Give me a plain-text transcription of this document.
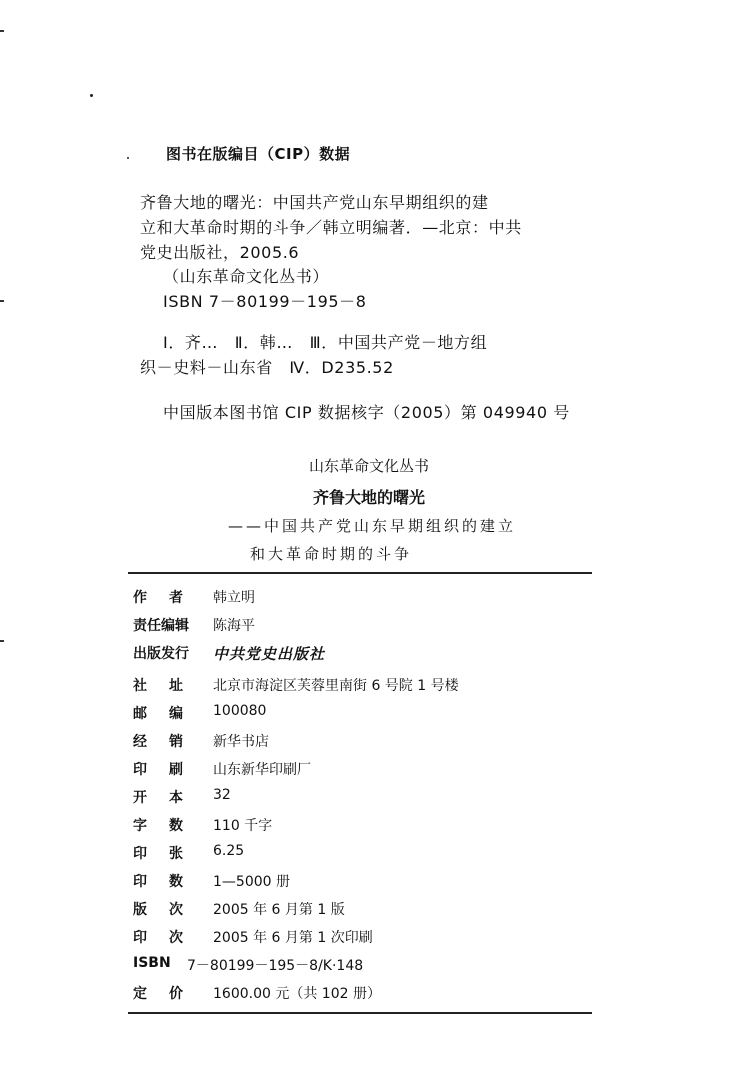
图书在版编目（CIP）数据
齐鲁大地的曙光：中国共产党山东早期组织的建
立和大革命时期的斗争／韩立明编著．—北京：中共
党史出版社，2005.6
（山东革命文化丛书）
ISBN 7－80199－195－8
Ⅰ．齐…　Ⅱ．韩…　Ⅲ．中国共产党－地方组
织－史料－山东省　Ⅳ．D235.52
中国版本图书馆 CIP 数据核字（2005）第 049940 号
山东革命文化丛书
齐鲁大地的曙光
——中国共产党山东早期组织的建立
和大革命时期的斗争
作者 韩立明
责任编辑	陈海平
出版发行	中共党史出版社
社址 北京市海淀区芙蓉里南街 6 号院 1 号楼
邮编 100080
经销 新华书店
印刷 山东新华印刷厂
开本 32
字数 110 千字
印张 6.25
印数 1—5000 册
版次 2005 年 6 月第 1 版
印次 2005 年 6 月第 1 次印刷
ISBN	7－80199－195－8/K·148
定价 1600.00 元（共 102 册）
